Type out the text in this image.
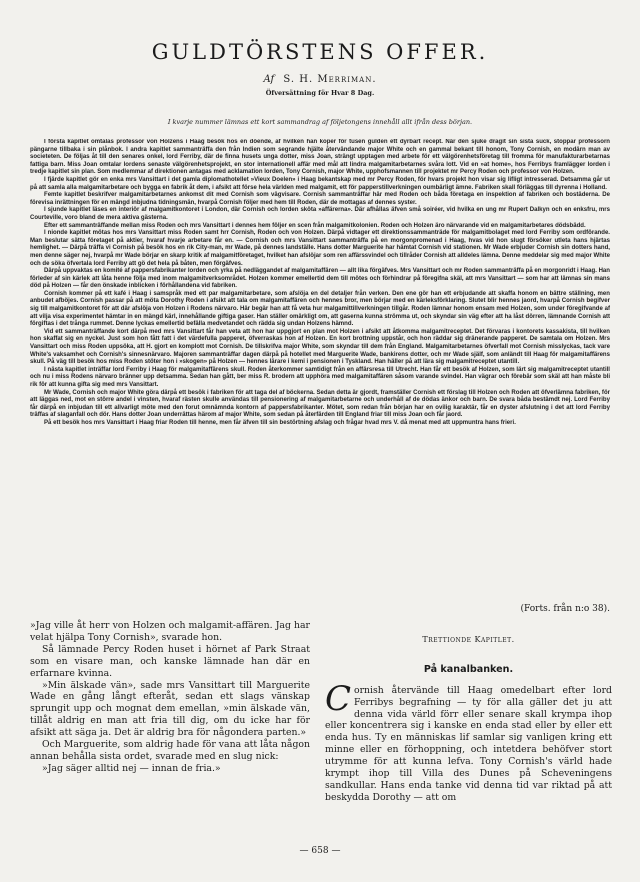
GULDTÖRSTENS OFFER.
Af S. H. Merriman.
Öfversättning för Hvar 8 Dag.
I kvarje nummer lämnas ett kort sammandrag af följetongens innehåll allt ifrån dess början.

I första kapitlet omtalas professor von Holzens i Haag besök hos en döende, af hvilken han koper för tusen gulden ett dyrbart recept. När den sjuke dragit sin sista suck, stoppar professorn pängarne tillbaka i sin plånbok. I andra kapitlet sammanträffa den från Indien som segrande hjälte återvändande major White och en gammal bekant till honom, Tony Cornish, en modärn man av societeten. De följas åt till den senares onkel, lord Ferriby, där de finna husets unga dotter, miss Joan, strängt upptagen med arbete för ett välgörenhetsföretag till fromma för manufakturarbetarnas fattiga barn. Miss Joan omtalar lordens senaste välgörenhetsprojekt, en stor internationell affär med mål att lindra malgamitarbetarnes svåra lott. Vid en »at home», hos Ferribys framlägger lorden i tredje kapitlet sin plan. Som medlemmar af direktionen antagas med acklamation lorden, Tony Cornish, major White, upphofsmannen till projektet mr Percy Roden och professor von Holzen.

I fjärde kapitlet gör en enka mrs Vansittart i det gamla diplomathotellet »Vieux Doelen» i Haag bekantskap med mr Percy Roden, för hvars projekt hon visar sig lifligt intresserad. Detsamma går ut på att samla alla malgamitarbetare och bygga en fabrik åt dem, i afsikt att förse hela världen med malgamit, ett för papperstillverkningen oumbärligt ämne. Fabriken skall förläggas till dyrenna i Holland.

Femte kapitlet beskrifver malgamitarbetarnes ankomst dit med Cornish som vägvisare. Cornish sammanträffar här med Roden och båda företaga en inspektion af fabriken och bostäderna. De förevisa inrättningen för en mängd inbjudna tidningsmän, hvarpå Cornish följer med hem till Roden, där de mottagas af dennes syster.

I sjunde kapitlet läses en interiör af malgamitkontoret i London, där Cornish och lorden sköta »affärerna». Där afhållas äfven små soiréer, vid hvilka en ung mr Rupert Dalkyn och en enksfru, mrs Courteville, voro bland de mera aktiva gästerna.

Efter ett sammanträffande mellan miss Roden och mrs Vansittart i dennes hem följer en scen från malgamitkolonien. Roden och Holzen äro närvarande vid en malgamitarbetares dödsbädd.

I nionde kapitlet mötas hos mrs Vansittart miss Roden samt hrr Cornish, Roden och von Holzen. Därpå vidtager ett direktionssammanträde för malgamitbolaget med lord Ferriby som ordförande. Man beslutar sätta företaget på aktier, hvaraf hvarje arbetare får en. — Cornish och mrs Vansittart sammanträffa på en morgonpromenad i Haag, hvas vid hon slugt försöker utleta hans hjärtas hemlighet. — Därpå träffa vi Cornish på besök hos en rik City-man, mr Wade, på dennes landställe. Hans dotter Marguerite har hämtat Cornish vid stationen. Mr Wade erbjuder Cornish sin dotters hand, men denne säger nej, hvarpå mr Wade börjar en skarp kritik af malgamitföretaget, hvilket han afslöjar som ren affärssvindel och tillråder Cornish att alldeles lämna. Denne meddelar sig med major White och de söka öfvertala lord Ferriby att gö det hela på båten, men förgäfves.

Därpå uppvaktas en komité af pappersfabrikanter lorden och yrka på nedläggandet af malgamitaffären — allt lika förgäfves. Mrs Vansittart och mr Roden sammanträffa på en morgonridt i Haag. Han förleder af sin kärlek att låta henne följa med inom malgamitverksområdet. Holzen kommer emellertid dem till mötes och förhindrar på föregifna skäl, att mrs Vansittart — som har att lämnas sin mans död på Holzen — får den önskade inblicken i förhållandena vid fabriken.

Cornish kommer på ett kafé i Haag i samspråk med ett par malgamitarbetare, som afslöja en del detaljer från verken. Den ene gör han ett erbjudande att skaffa honom en bättre ställning, men anbudet afböjes. Cornish passar på att möta Dorothy Roden i afsikt att tala om malgamitaffären och hennes bror, men börjar med en kärleksförklaring. Slutet blir hennes jaord, hvarpå Cornish begifver sig till malgamitkontoret för att där afslöja von Holzen i Rodens närvaro. Här begär han att få veta hur malgamittillverkningen tillgår. Roden lämnar honom ensam med Holzen, som under föregifvande af att vilja visa experimentet hämtar in en mängd kärl, innehållande giftiga gaser. Han ställer omärkligt om, att gaserna kunna strömma ut, och skyndar sin väg efter att ha låst dörren, lämnande Cornish att förgiftas i det trånga rummet. Denne lyckas emellertid befälla medvetandet och rädda sig undan Holzens hämnd.

Vid ett sammanträffande kort därpå med mrs Vansittart får han veta att hon har uppgjort en plan mot Holzen i afsikt att åtkomma malgamitreceptet. Det förvaras i kontorets kassakista, till hvilken hon skaffat sig en nyckel. Just som hon fått fatt i det värdefulla papperet, öfverraskas hon af Holzen. En kort brottning uppstår, och hon räddar sig dränerande papperet. De samtala om Holzen. Mrs Vansittart och miss Roden uppsöka, att H. gjort en komplott mot Cornish. De tillskrifva major White, som skyndar till dem från England. Malgamitarbetarnes öfverfall mot Cornish misslyckas, tack vare White's vaksamhet och Cornish's sinnesnärvaro. Majoren sammanträffar dagen därpå på hotellet med Marguerite Wade, bankirens dotter, och mr Wade själf, som anländt till Haag för malgamitaffärens skull. På väg till besök hos miss Roden stöter hon i »skogen» på Holzen — hennes lärare i kemi i pensionen i Tyskland. Han häller på att lära sig malgamitreceptet utantill.

I nästa kapitlet inträffar lord Ferriby i Haag för malgamitaffärens skull. Roden återkommer samtidigt från en affärsresa till Utrecht. Han får ett besök af Holzen, som lärt sig malgamitreceptet utantill och nu i miss Rodens närvaro bränner upp detsamma. Sedan han gått, ber miss R. brodern att upphöra med malgamitaffären såsom varande svindel. Han vägrar och förebär som skäl att han måste bli rik för att kunna gifta sig med mrs Vansittart.

Mr Wade, Cornish och major White göra därpå ett besök i fabriken för att taga del af böckerna. Sedan detta är gjordt, framställer Cornish ett förslag till Holzen och Roden att öfverlämna fabriken, för att läggas ned, mot en större andel i vinsten, hvaraf rästen skulle användas till pensionering af malgamitarbetarne och underhåll af de dödas änkor och barn. De svara båda bestämdt nej. Lord Ferriby får därpå en inbjudan till ett allvarligt möte med den forut omnämnda kontorn af pappersfabrikanter. Mötet, som redan från början har en ovilig karaktär, får en dyster afslutning i det att lord Ferriby träffas af slaganfall och dör. Hans dotter Joan underrättas härom af major White, som sedan på återfärden till England friar till miss Joan och får jaord.

På ett besök hos mrs Vansittart i Haag friar Roden till henne, men får äfven till sin bestörtning afslag och frågar hvad mrs V. då menat med att uppmuntra hans frieri.

»Jag ville åt herr von Holzen och malgamit-affären. Jag har velat hjälpa Tony Cornish», svarade hon.

Så lämnade Percy Roden huset i hörnet af Park Straat som en visare man, och kanske lämnade han där en erfarnare kvinna.

»Min älskade vän», sade mrs Vansittart till Marguerite Wade en gång långt efteråt, sedan ett slags vänskap sprungit upp och mognat dem emellan, »min älskade vän, tillåt aldrig en man att fria till dig, om du icke har för afsikt att säga ja. Det är aldrig bra för någondera parten.»

Och Marguerite, som aldrig hade för vana att låta någon annan behålla sista ordet, svarade med en slug nick:

»Jag säger alltid nej — innan de fria.»

(Forts. från n:o 38).
Trettionde Kapitlet.
På kanalbanken.
C ornish återvände till Haag omedelbart efter lord Ferribys begrafning — ty för alla gäller det ju att denna vida värld förr eller senare skall krympa ihop eller koncentrera sig i kanske en enda stad eller by eller ett enda hus. Ty en människas lif samlar sig vanligen kring ett minne eller en förhoppning, och intetdera behöfver stort utrymme för att kunna lefva. Tony Cornish's värld hade krympt ihop till Villa des Dunes på Scheveningens sandkullar. Hans enda tanke vid denna tid var riktad på att beskydda Dorothy — att om
— 658 —
